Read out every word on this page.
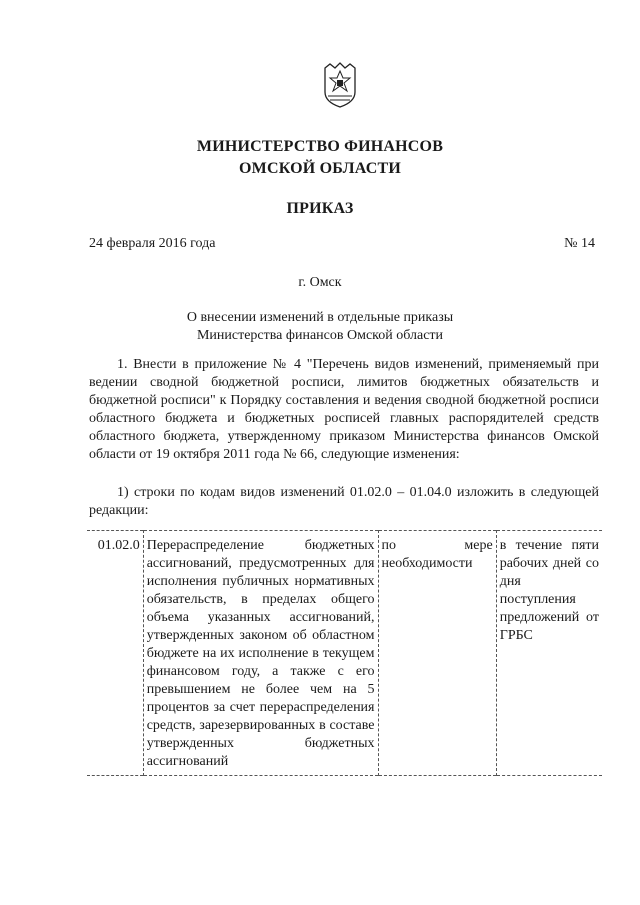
МИНИСТЕРСТВО ФИНАНСОВ
ОМСКОЙ ОБЛАСТИ
ПРИКАЗ

24 февраля 2016 года	№ 14

г. Омск

О внесении изменений в отдельные приказы

Министерства финансов Омской области

1. Внести в приложение № 4 "Перечень видов изменений, применяемый при ведении сводной бюджетной росписи, лимитов бюджетных обязательств и бюджетной росписи" к Порядку составления и ведения сводной бюджетной росписи областного бюджета и бюджетных росписей главных распорядителей средств областного бюджета, утвержденному приказом Министерства финансов Омской области от 19 октября 2011 года № 66, следующие изменения:

1) строки по кодам видов изменений 01.02.0 – 01.04.0 изложить в следующей редакции:

01.02.0	Перераспределение бюджетных ассигнований, предусмотренных для исполнения публичных нормативных обязательств, в пределах общего объема указанных ассигнований, утвержденных законом об областном бюджете на их исполнение в текущем финансовом году, а также с его превышением не более чем на 5 процентов за счет перераспределения средств, зарезервированных в составе утвержденных бюджетных ассигнований	по мере необходимости	в течение пяти рабочих дней со дня поступления предложений от ГРБС
